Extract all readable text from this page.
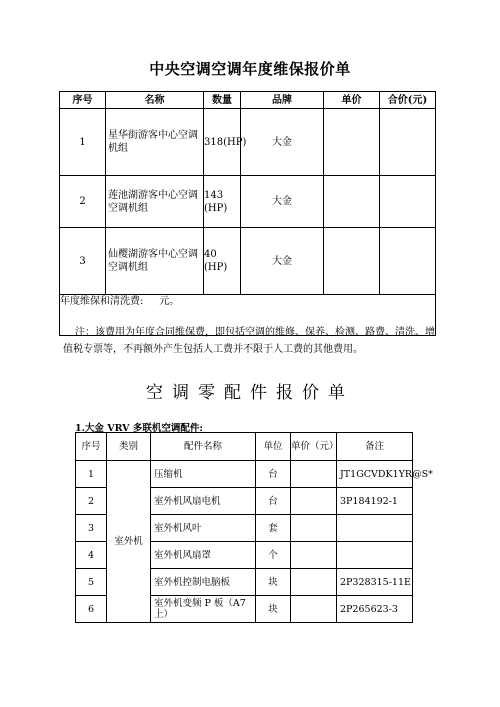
中央空调空调年度维保报价单
序号	名称	数量	品牌	单价	合价(元)
1	星华街游客中心空调机组	318(HP)	大金		
2	莲池湖游客中心空调空调机组	143 (HP)	大金		
3	仙樱湖游客中心空调空调机组	40 (HP)	大金		
年度维保和清洗费: 元。					
注：该费用为年度合同维保费，即包括空调的维修、保养、检测、路费、清洗、增值税专票等，不再额外产生包括人工费并不限于人工费的其他费用。
空调零配件报价单
1.大金 VRV 多联机空调配件:
序号	类别	配件名称	单位	单价（元）	备注
1	室外机	压缩机	台		JT1GCVDK1YR@S*
2		室外机风扇电机	台		3P184192-1
3		室外机风叶	套		
4		室外机风扇罩	个		
5		室外机控制电脑板	块		2P328315-11E
6		室外机变频 P 板（A7上）	块		2P265623-3
